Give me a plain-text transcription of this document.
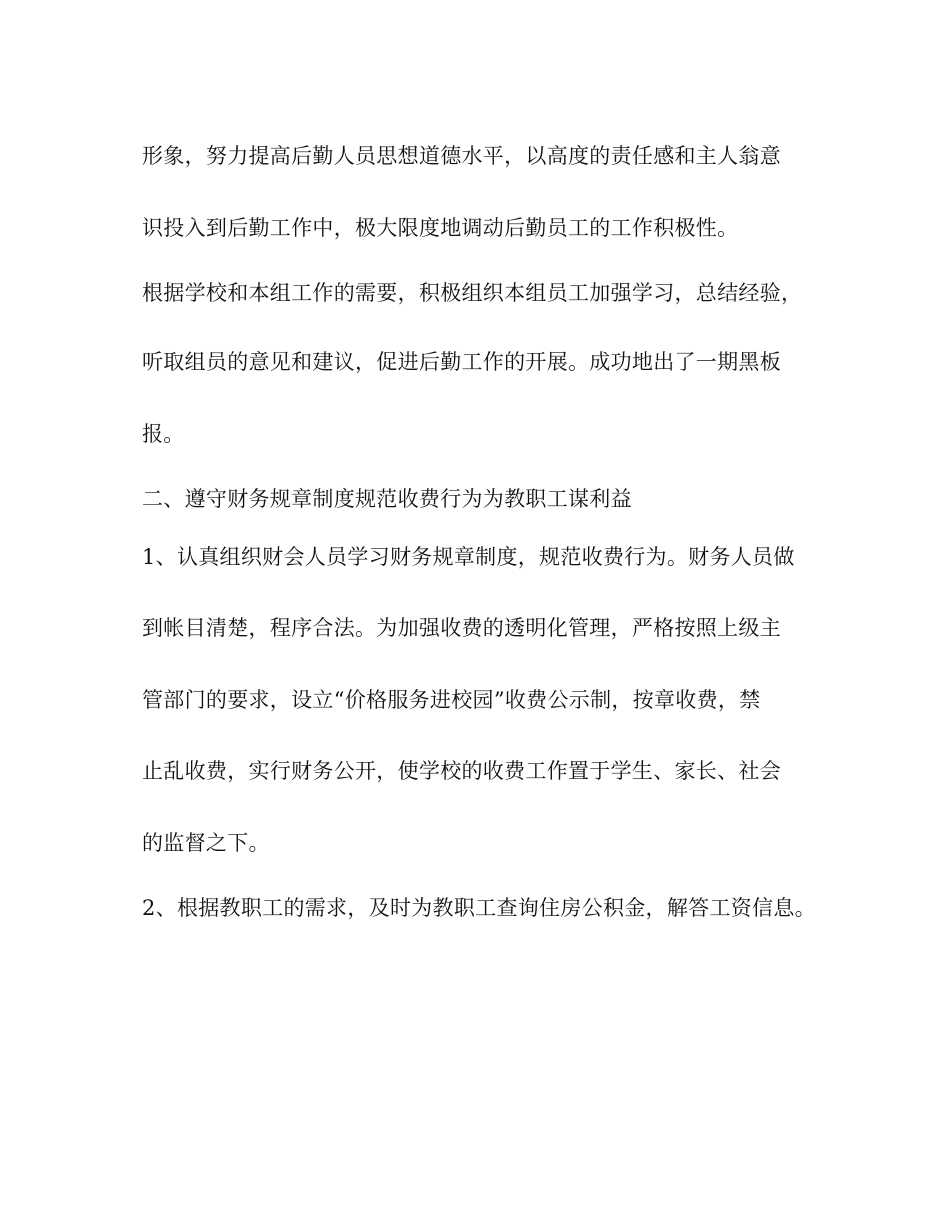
形象，努力提高后勤人员思想道德水平，以高度的责任感和主人翁意
识投入到后勤工作中，极大限度地调动后勤员工的工作积极性。
根据学校和本组工作的需要，积极组织本组员工加强学习，总结经验，
听取组员的意见和建议，促进后勤工作的开展。成功地出了一期黑板
报。
二、遵守财务规章制度规范收费行为为教职工谋利益
1、认真组织财会人员学习财务规章制度，规范收费行为。财务人员做
到帐目清楚，程序合法。为加强收费的透明化管理，严格按照上级主
管部门的要求，设立“价格服务进校园”收费公示制，按章收费，禁
止乱收费，实行财务公开，使学校的收费工作置于学生、家长、社会
的监督之下。
2、根据教职工的需求，及时为教职工查询住房公积金，解答工资信息。
